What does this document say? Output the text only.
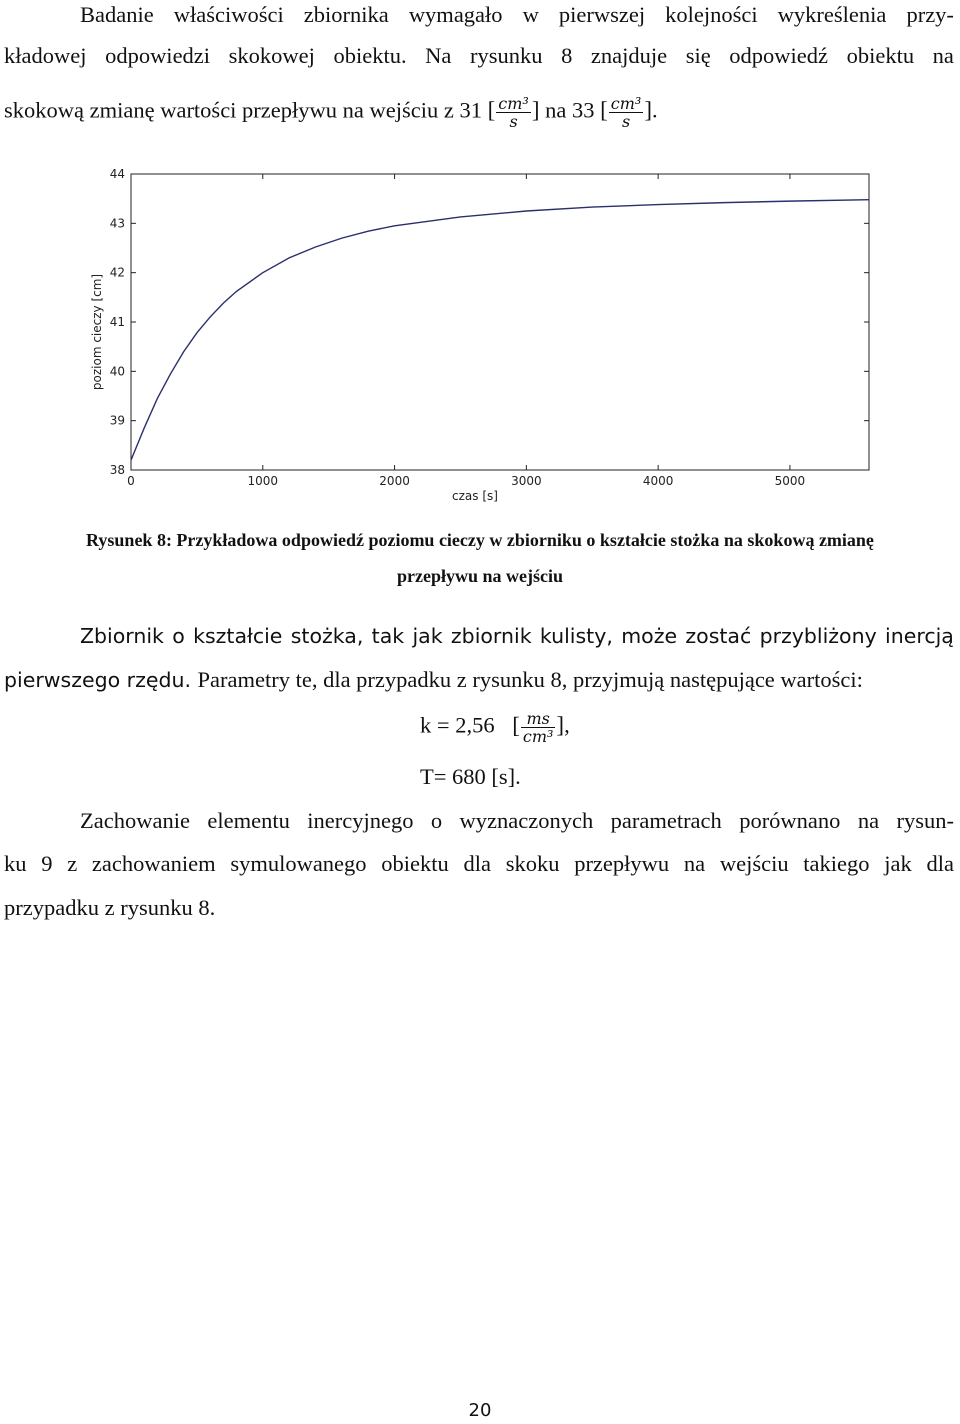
Badanie właściwości zbiornika wymagało w pierwszej kolejności wykreślenia przy-
kładowej odpowiedzi skokowej obiektu. Na rysunku 8 znajduje się odpowiedź obiektu na
skokową zmianę wartości przepływu na wejściu z 31 [ $\frac{\text{cm³}}{s}$ ] na 33 [ $\frac{\text{cm³}}{s}$ ].
0	1000	2000	3000	4000	5000
38
39
40
41
42
43
44
czas [s]
poziom cieczy [cm]
Rysunek 8: Przykładowa odpowiedź poziomu cieczy w zbiorniku o kształcie stożka na skokową zmianę
przepływu na wejściu
Zbiornik o kształcie stożka, tak jak zbiornik kulisty, może zostać przybliżony inercją
pierwszego rzędu. Parametry te, dla przypadku z rysunku 8, przyjmują następujące wartości:
k = 2,56 [ $\frac{ms}{\text{cm³}}$ ],
T= 680 [s].
Zachowanie elementu inercyjnego o wyznaczonych parametrach porównano na rysun-
ku 9 z zachowaniem symulowanego obiektu dla skoku przepływu na wejściu takiego jak dla
przypadku z rysunku 8.
20
